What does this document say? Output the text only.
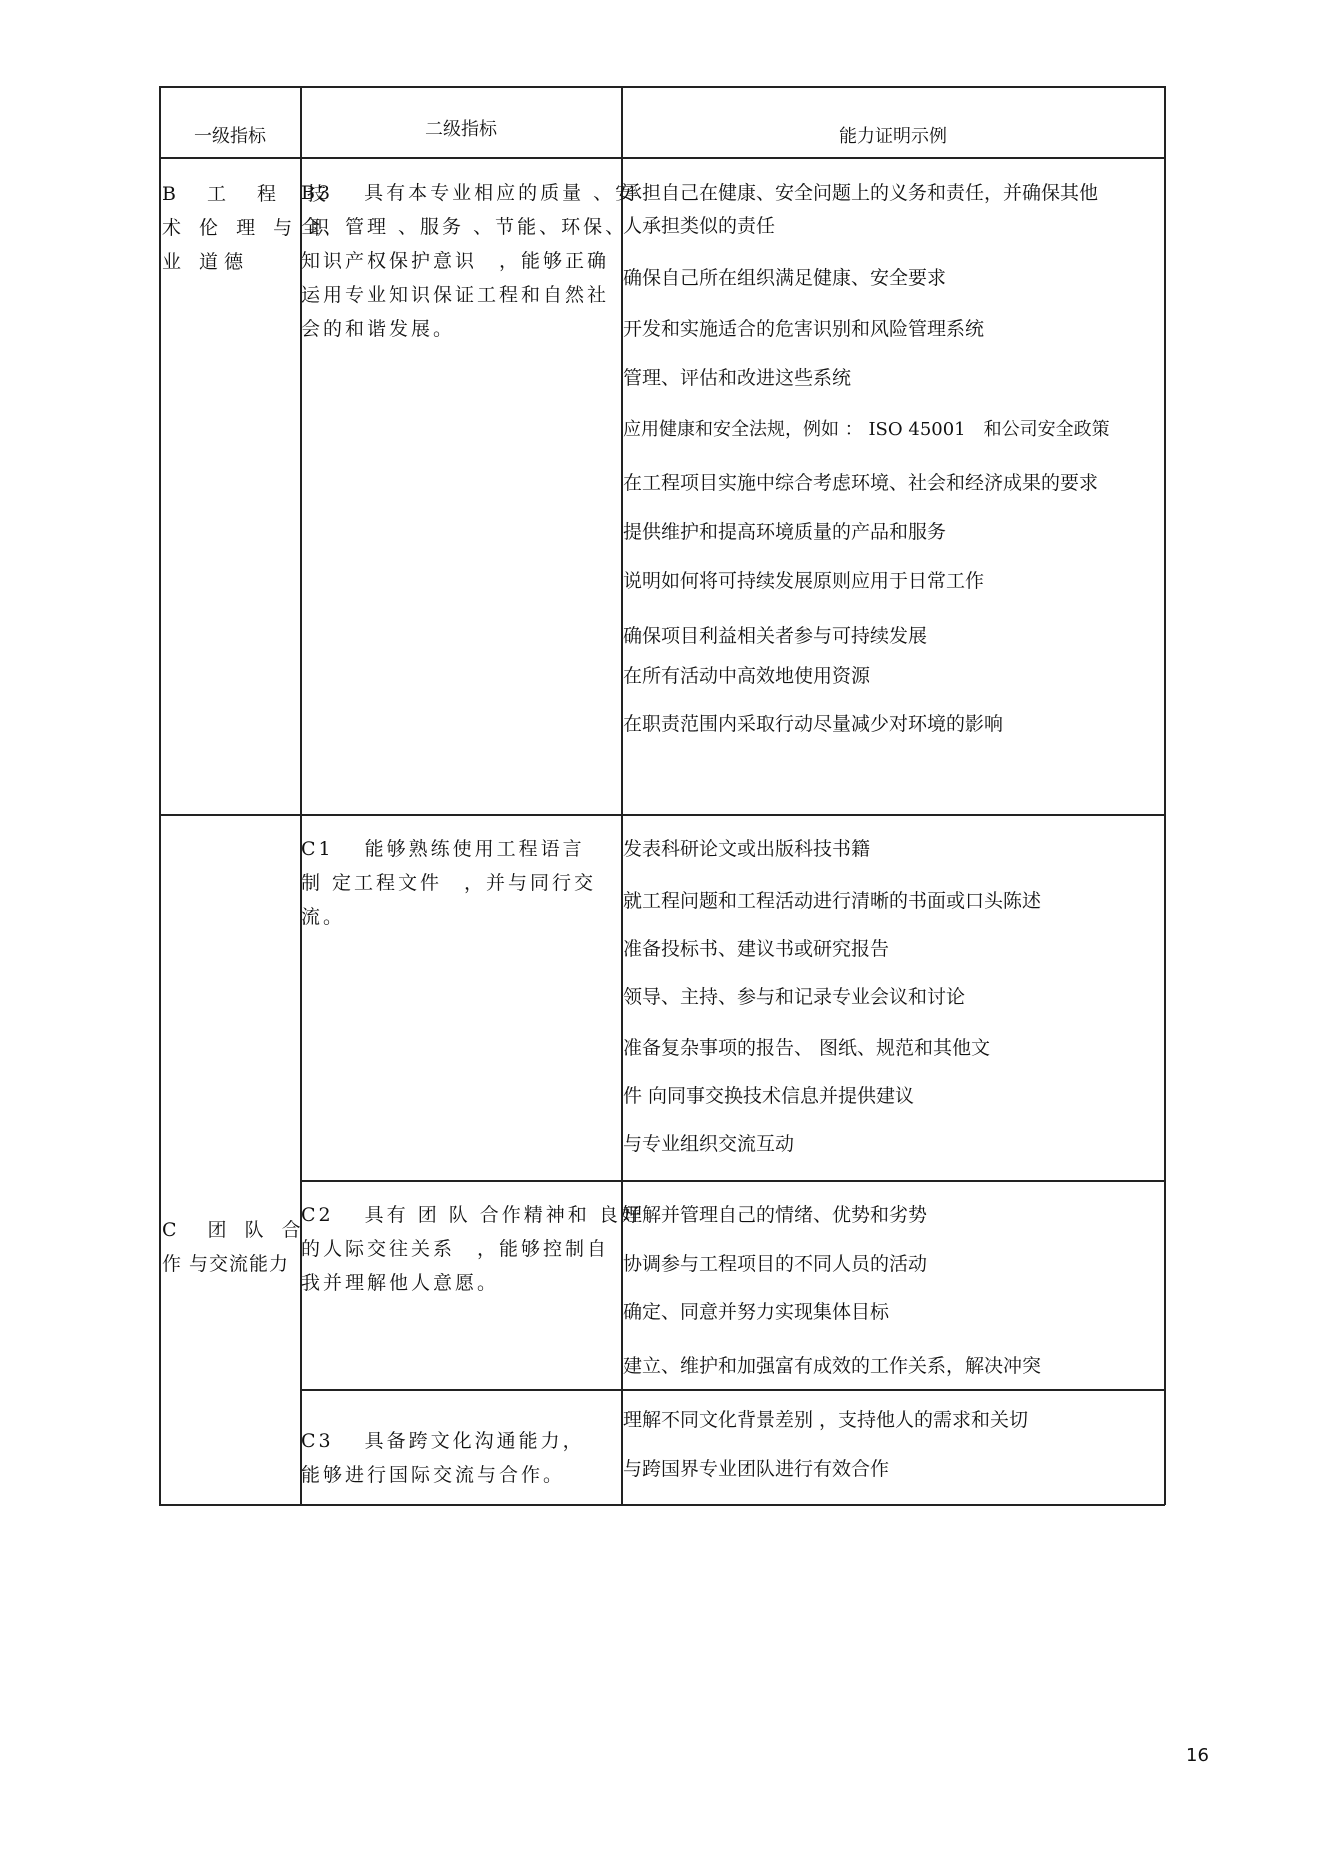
一级指标	二级指标	能力证明示例
B　工　程　技
术 伦 理 与 职
业 道德
B3　 具有本专业相应的质量 、安
全、管理 、服务 、节能、环保、
知识产权保护意识　，能够正确
运用专业知识保证工程和自然社
会的和谐发展。
承担自己在健康、安全问题上的义务和责任，并确保其他
人承担类似的责任
确保自己所在组织满足健康、安全要求
开发和实施适合的危害识别和风险管理系统
管理、评估和改进这些系统
应用健康和安全法规，例如 ： ISO 45001　和公司安全政策
在工程项目实施中综合考虑环境、社会和经济成果的要求
提供维护和提高环境质量的产品和服务
说明如何将可持续发展原则应用于日常工作
确保项目利益相关者参与可持续发展
在所有活动中高效地使用资源
在职责范围内采取行动尽量减少对环境的影响
C　团 队 合
作 与交流能力
C1　 能够熟练使用工程语言
制 定工程文件　，并与同行交
流。
发表科研论文或出版科技书籍
就工程问题和工程活动进行清晰的书面或口头陈述
准备投标书、建议书或研究报告
领导、主持、参与和记录专业会议和讨论
准备复杂事项的报告、 图纸、规范和其他文
件 向同事交换技术信息并提供建议
与专业组织交流互动
C2　 具有 团 队 合作精神和 良好
的人际交往关系　，能够控制自
我并理解他人意愿。
理解并管理自己的情绪、优势和劣势
协调参与工程项目的不同人员的活动
确定、同意并努力实现集体目标
建立、维护和加强富有成效的工作关系，解决冲突
C3　 具备跨文化沟通能力，
能够进行国际交流与合作。
理解不同文化背景差别 ，支持他人的需求和关切
与跨国界专业团队进行有效合作
16
